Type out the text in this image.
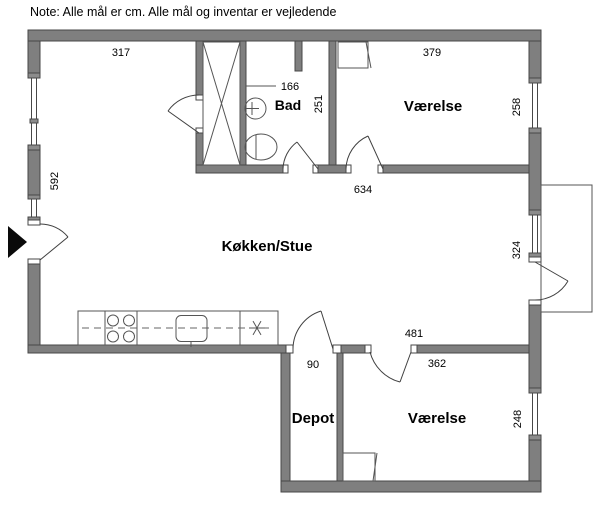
Note: Alle mål er cm. Alle mål og inventar er vejledende
317	379
166
634
481
90	362
592
251	258
324
248
Bad	Værelse
Køkken/Stue
Depot	Værelse
